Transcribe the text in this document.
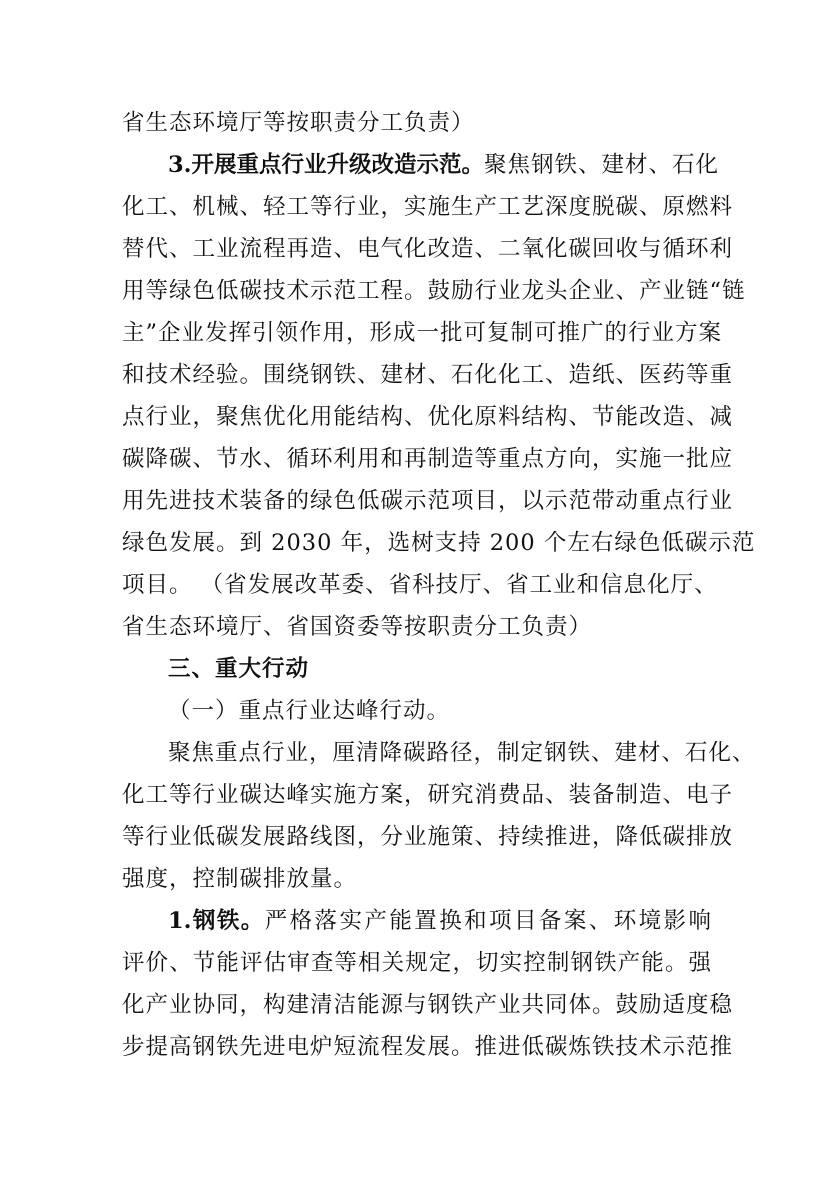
省生态环境厅等按职责分工负责）
3.开展重点行业升级改造示范。聚焦钢铁、建材、石化
化工、机械、轻工等行业，实施生产工艺深度脱碳、原燃料
替代、工业流程再造、电气化改造、二氧化碳回收与循环利
用等绿色低碳技术示范工程。鼓励行业龙头企业、产业链“链
主”企业发挥引领作用，形成一批可复制可推广的行业方案
和技术经验。围绕钢铁、建材、石化化工、造纸、医药等重
点行业，聚焦优化用能结构、优化原料结构、节能改造、减
碳降碳、节水、循环利用和再制造等重点方向，实施一批应
用先进技术装备的绿色低碳示范项目，以示范带动重点行业
绿色发展。到 2030 年，选树支持 200 个左右绿色低碳示范
项目。 （省发展改革委、省科技厅、省工业和信息化厅、
省生态环境厅、省国资委等按职责分工负责）
三、重大行动
（一）重点行业达峰行动。
聚焦重点行业，厘清降碳路径，制定钢铁、建材、石化、
化工等行业碳达峰实施方案，研究消费品、装备制造、电子
等行业低碳发展路线图，分业施策、持续推进，降低碳排放
强度，控制碳排放量。
1.钢铁。严格落实产能置换和项目备案、环境影响
评价、节能评估审查等相关规定，切实控制钢铁产能。强
化产业协同，构建清洁能源与钢铁产业共同体。鼓励适度稳
步提高钢铁先进电炉短流程发展。推进低碳炼铁技术示范推
